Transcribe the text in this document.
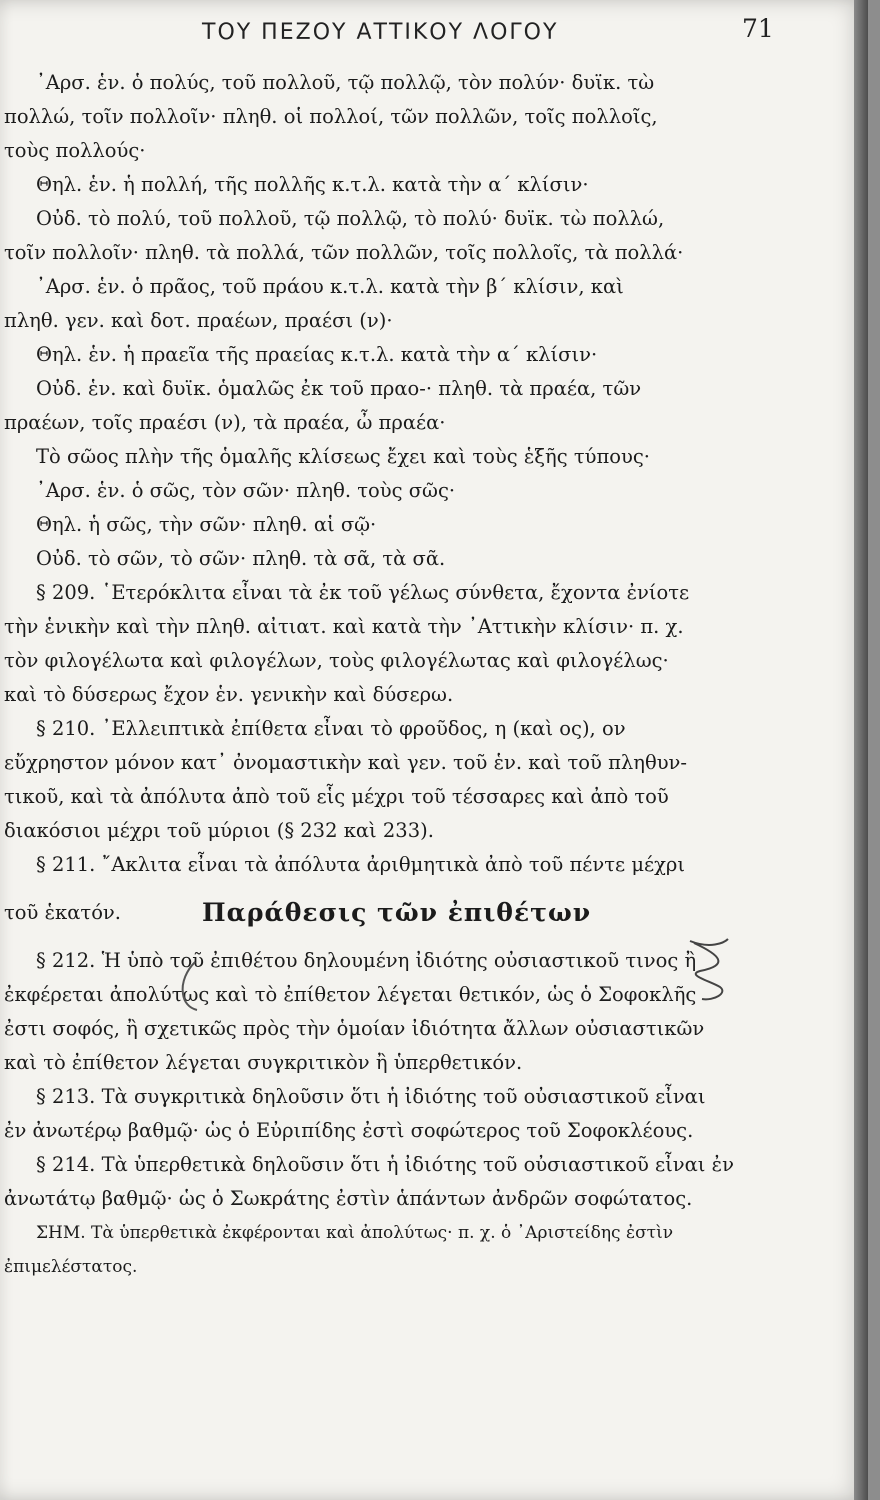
ΤΟΥ ΠΕΖΟΥ ΑΤΤΙΚΟΥ ΛΟΓΟΥ	71
᾿Αρσ. ἑν. ὁ πολύς, τοῦ πολλοῦ, τῷ πολλῷ, τὸν πολύν· δυϊκ. τὼ
πολλώ, τοῖν πολλοῖν· πληθ. οἱ πολλοί, τῶν πολλῶν, τοῖς πολλοῖς,
τοὺς πολλούς·
Θηλ. ἑν. ἡ πολλή, τῆς πολλῆς κ.τ.λ. κατὰ τὴν α΄ κλίσιν·
Οὐδ. τὸ πολύ, τοῦ πολλοῦ, τῷ πολλῷ, τὸ πολύ· δυϊκ. τὼ πολλώ,
τοῖν πολλοῖν· πληθ. τὰ πολλά, τῶν πολλῶν, τοῖς πολλοῖς, τὰ πολλά·
᾿Αρσ. ἑν. ὁ πρᾶος, τοῦ πράου κ.τ.λ. κατὰ τὴν β΄ κλίσιν, καὶ
πληθ. γεν. καὶ δοτ. πραέων, πραέσι (ν)·
Θηλ. ἑν. ἡ πραεῖα τῆς πραείας κ.τ.λ. κατὰ τὴν α΄ κλίσιν·
Οὐδ. ἑν. καὶ δυϊκ. ὁμαλῶς ἐκ τοῦ πραο-· πληθ. τὰ πραέα, τῶν
πραέων, τοῖς πραέσι (ν), τὰ πραέα, ὦ πραέα·
Τὸ σῶος πλὴν τῆς ὁμαλῆς κλίσεως ἔχει καὶ τοὺς ἑξῆς τύπους·
᾿Αρσ. ἑν. ὁ σῶς, τὸν σῶν· πληθ. τοὺς σῶς·
Θηλ. ἡ σῶς, τὴν σῶν· πληθ. αἱ σῷ·
Οὐδ. τὸ σῶν, τὸ σῶν· πληθ. τὰ σᾶ, τὰ σᾶ.
§ 209. ῾Ετερόκλιτα εἶναι τὰ ἐκ τοῦ γέλως σύνθετα, ἔχοντα ἐνίοτε
τὴν ἑνικὴν καὶ τὴν πληθ. αἰτιατ. καὶ κατὰ τὴν ᾿Αττικὴν κλίσιν· π. χ.
τὸν φιλογέλωτα καὶ φιλογέλων, τοὺς φιλογέλωτας καὶ φιλογέλως·
καὶ τὸ δύσερως ἔχον ἑν. γενικὴν καὶ δύσερω.
§ 210. ᾿Ελλειπτικὰ ἐπίθετα εἶναι τὸ φροῦδος, η (καὶ ος), ον
εὔχρηστον μόνον κατ᾿ ὀνομαστικὴν καὶ γεν. τοῦ ἑν. καὶ τοῦ πληθυν-
τικοῦ, καὶ τὰ ἀπόλυτα ἀπὸ τοῦ εἷς μέχρι τοῦ τέσσαρες καὶ ἀπὸ τοῦ
διακόσιοι μέχρι τοῦ μύριοι (§ 232 καὶ 233).
§ 211. ῎Ακλιτα εἶναι τὰ ἀπόλυτα ἀριθμητικὰ ἀπὸ τοῦ πέντε μέχρι
τοῦ ἑκατόν.	Παράθεσις τῶν ἐπιθέτων
§ 212. Ἡ ὑπὸ τοῦ ἐπιθέτου δηλουμένη ἰδιότης οὐσιαστικοῦ τινος ἢ
ἐκφέρεται ἀπολύτως καὶ τὸ ἐπίθετον λέγεται θετικόν, ὡς ὁ Σοφοκλῆς
ἐστι σοφός, ἢ σχετικῶς πρὸς τὴν ὁμοίαν ἰδιότητα ἄλλων οὐσιαστικῶν
καὶ τὸ ἐπίθετον λέγεται συγκριτικὸν ἢ ὑπερθετικόν.
§ 213. Τὰ συγκριτικὰ δηλοῦσιν ὅτι ἡ ἰδιότης τοῦ οὐσιαστικοῦ εἶναι
ἐν ἀνωτέρῳ βαθμῷ· ὡς ὁ Εὐριπίδης ἐστὶ σοφώτερος τοῦ Σοφοκλέους.
§ 214. Τὰ ὑπερθετικὰ δηλοῦσιν ὅτι ἡ ἰδιότης τοῦ οὐσιαστικοῦ εἶναι ἐν
ἀνωτάτῳ βαθμῷ· ὡς ὁ Σωκράτης ἐστὶν ἁπάντων ἀνδρῶν σοφώτατος.
ΣΗΜ. Τὰ ὑπερθετικὰ ἐκφέρονται καὶ ἀπολύτως· π. χ. ὁ ᾿Αριστείδης ἐστὶν
ἐπιμελέστατος.
